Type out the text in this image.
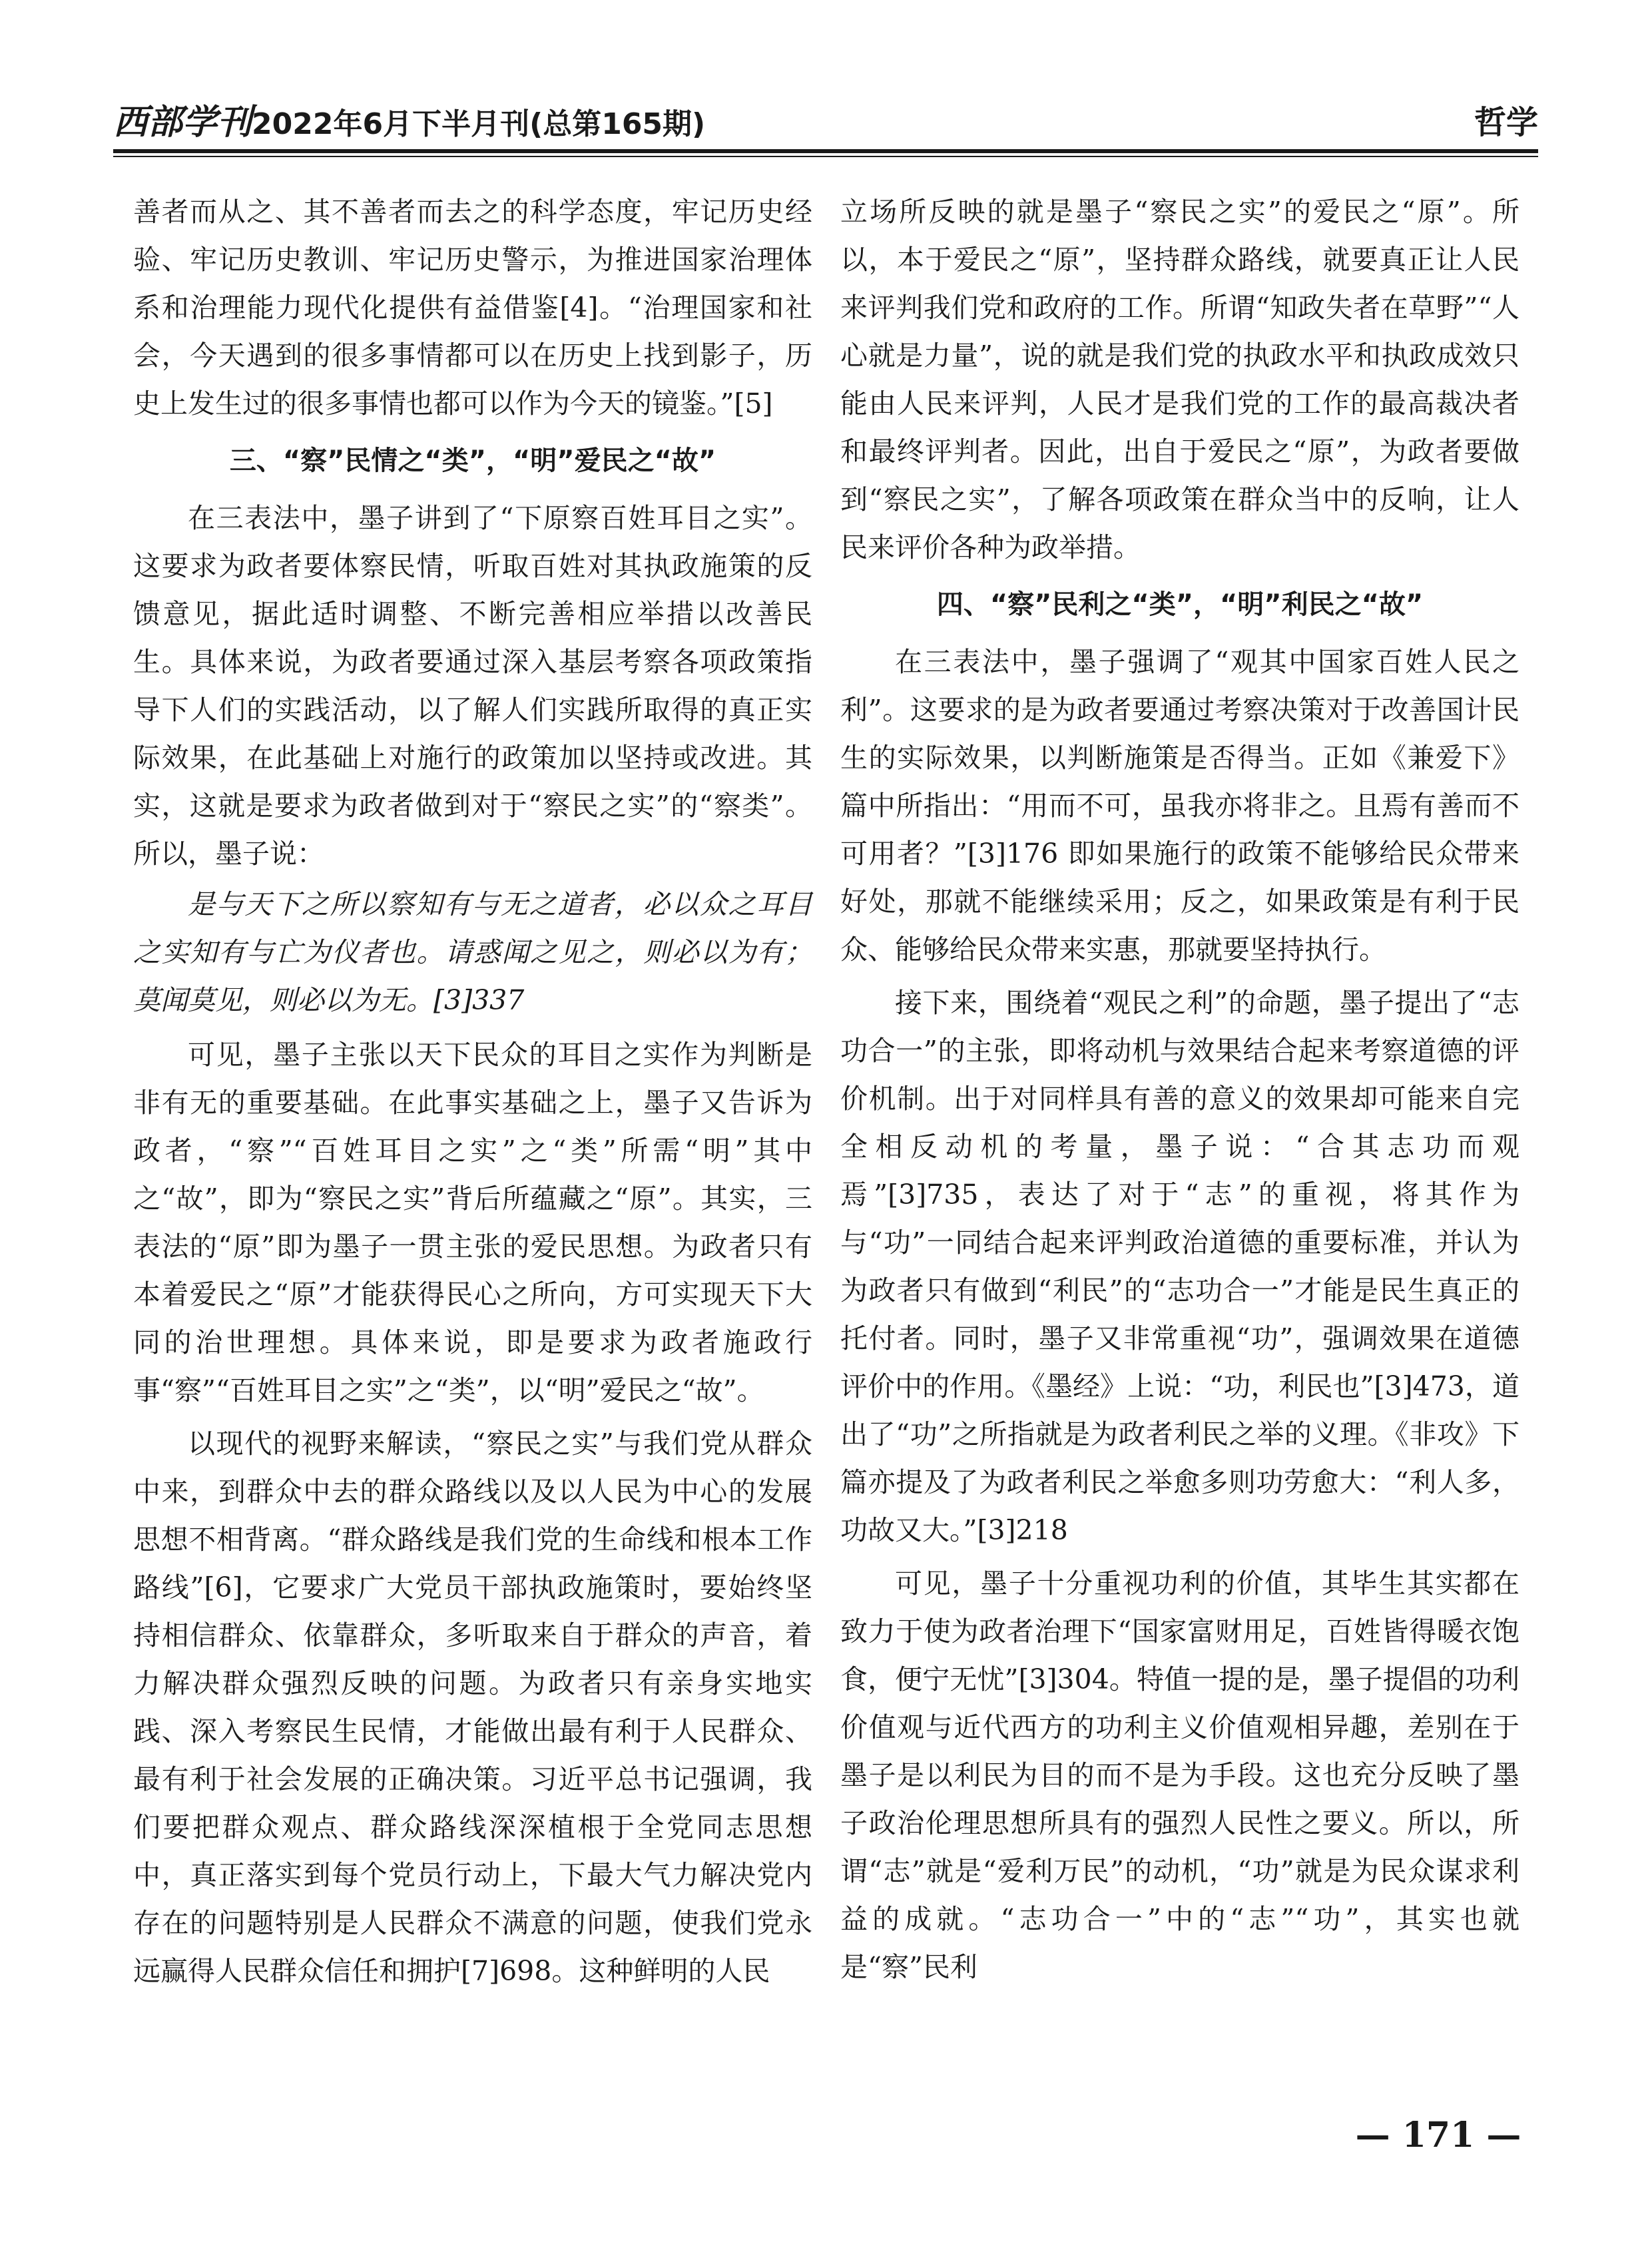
西部学刊2022年6月下半月刊(总第165期)	哲学

善者而从之、其不善者而去之的科学态度，牢记历史经验、牢记历史教训、牢记历史警示，为推进国家治理体系和治理能力现代化提供有益借鉴[4]。“治理国家和社会，今天遇到的很多事情都可以在历史上找到影子，历史上发生过的很多事情也都可以作为今天的镜鉴。”[5]

三、“察”民情之“类”，“明”爱民之“故”

在三表法中，墨子讲到了“下原察百姓耳目之实”。这要求为政者要体察民情，听取百姓对其执政施策的反馈意见，据此适时调整、不断完善相应举措以改善民生。具体来说，为政者要通过深入基层考察各项政策指导下人们的实践活动，以了解人们实践所取得的真正实际效果，在此基础上对施行的政策加以坚持或改进。其实，这就是要求为政者做到对于“察民之实”的“察类”。所以，墨子说：

是与天下之所以察知有与无之道者，必以众之耳目之实知有与亡为仪者也。请惑闻之见之，则必以为有；莫闻莫见，则必以为无。[3]337

可见，墨子主张以天下民众的耳目之实作为判断是非有无的重要基础。在此事实基础之上，墨子又告诉为政者，“察”“百姓耳目之实”之“类”所需“明”其中之“故”，即为“察民之实”背后所蕴藏之“原”。其实，三表法的“原”即为墨子一贯主张的爱民思想。为政者只有本着爱民之“原”才能获得民心之所向，方可实现天下大同的治世理想。具体来说，即是要求为政者施政行事“察”“百姓耳目之实”之“类”，以“明”爱民之“故”。

以现代的视野来解读，“察民之实”与我们党从群众中来，到群众中去的群众路线以及以人民为中心的发展思想不相背离。“群众路线是我们党的生命线和根本工作路线”[6]，它要求广大党员干部执政施策时，要始终坚持相信群众、依靠群众，多听取来自于群众的声音，着力解决群众强烈反映的问题。为政者只有亲身实地实践、深入考察民生民情，才能做出最有利于人民群众、最有利于社会发展的正确决策。习近平总书记强调，我们要把群众观点、群众路线深深植根于全党同志思想中，真正落实到每个党员行动上，下最大气力解决党内存在的问题特别是人民群众不满意的问题，使我们党永远赢得人民群众信任和拥护[7]698。这种鲜明的人民

立场所反映的就是墨子“察民之实”的爱民之“原”。所以，本于爱民之“原”，坚持群众路线，就要真正让人民来评判我们党和政府的工作。所谓“知政失者在草野”“人心就是力量”，说的就是我们党的执政水平和执政成效只能由人民来评判，人民才是我们党的工作的最高裁决者和最终评判者。因此，出自于爱民之“原”，为政者要做到“察民之实”，了解各项政策在群众当中的反响，让人民来评价各种为政举措。

四、“察”民利之“类”，“明”利民之“故”

在三表法中，墨子强调了“观其中国家百姓人民之利”。这要求的是为政者要通过考察决策对于改善国计民生的实际效果，以判断施策是否得当。正如《兼爱下》篇中所指出：“用而不可，虽我亦将非之。且焉有善而不可用者？”[3]176 即如果施行的政策不能够给民众带来好处，那就不能继续采用；反之，如果政策是有利于民众、能够给民众带来实惠，那就要坚持执行。

接下来，围绕着“观民之利”的命题，墨子提出了“志功合一”的主张，即将动机与效果结合起来考察道德的评价机制。出于对同样具有善的意义的效果却可能来自完全相反动机的考量，墨子说：“合其志功而观焉”[3]735，表达了对于“志”的重视，将其作为与“功”一同结合起来评判政治道德的重要标准，并认为为政者只有做到“利民”的“志功合一”才能是民生真正的托付者。同时，墨子又非常重视“功”，强调效果在道德评价中的作用。《墨经》上说：“功，利民也”[3]473，道出了“功”之所指就是为政者利民之举的义理。《非攻》下篇亦提及了为政者利民之举愈多则功劳愈大：“利人多，功故又大。”[3]218

可见，墨子十分重视功利的价值，其毕生其实都在致力于使为政者治理下“国家富财用足，百姓皆得暖衣饱食，便宁无忧”[3]304。特值一提的是，墨子提倡的功利价值观与近代西方的功利主义价值观相异趣，差别在于墨子是以利民为目的而不是为手段。这也充分反映了墨子政治伦理思想所具有的强烈人民性之要义。所以，所谓“志”就是“爱利万民”的动机，“功”就是为民众谋求利益的成就。“志功合一”中的“志”“功”，其实也就是“察”民利

— 171 —
